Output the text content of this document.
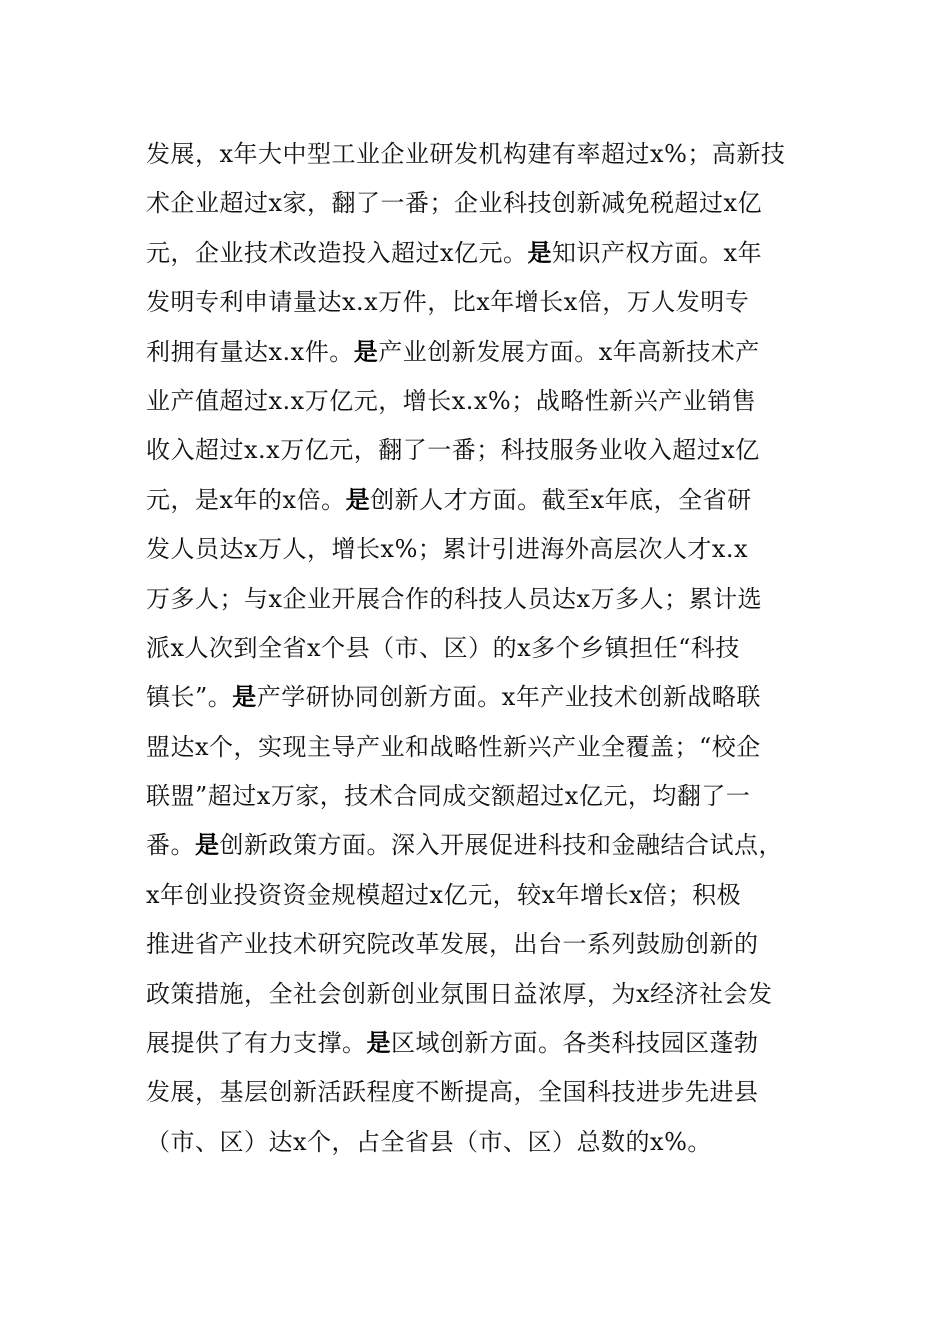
发展，x年大中型工业企业研发机构建有率超过x%；高新技
术企业超过x家，翻了一番；企业科技创新减免税超过x亿
元，企业技术改造投入超过x亿元。是知识产权方面。x年
发明专利申请量达x.x万件，比x年增长x倍，万人发明专
利拥有量达x.x件。是产业创新发展方面。x年高新技术产
业产值超过x.x万亿元，增长x.x%；战略性新兴产业销售
收入超过x.x万亿元，翻了一番；科技服务业收入超过x亿
元，是x年的x倍。是创新人才方面。截至x年底，全省研
发人员达x万人，增长x%；累计引进海外高层次人才x.x
万多人；与x企业开展合作的科技人员达x万多人；累计选
派x人次到全省x个县（市、区）的x多个乡镇担任“科技
镇长”。是产学研协同创新方面。x年产业技术创新战略联
盟达x个，实现主导产业和战略性新兴产业全覆盖；“校企
联盟”超过x万家，技术合同成交额超过x亿元，均翻了一
番。是创新政策方面。深入开展促进科技和金融结合试点，
x年创业投资资金规模超过x亿元，较x年增长x倍；积极
推进省产业技术研究院改革发展，出台一系列鼓励创新的
政策措施，全社会创新创业氛围日益浓厚，为x经济社会发
展提供了有力支撑。是区域创新方面。各类科技园区蓬勃
发展，基层创新活跃程度不断提高，全国科技进步先进县
（市、区）达x个，占全省县（市、区）总数的x%。
